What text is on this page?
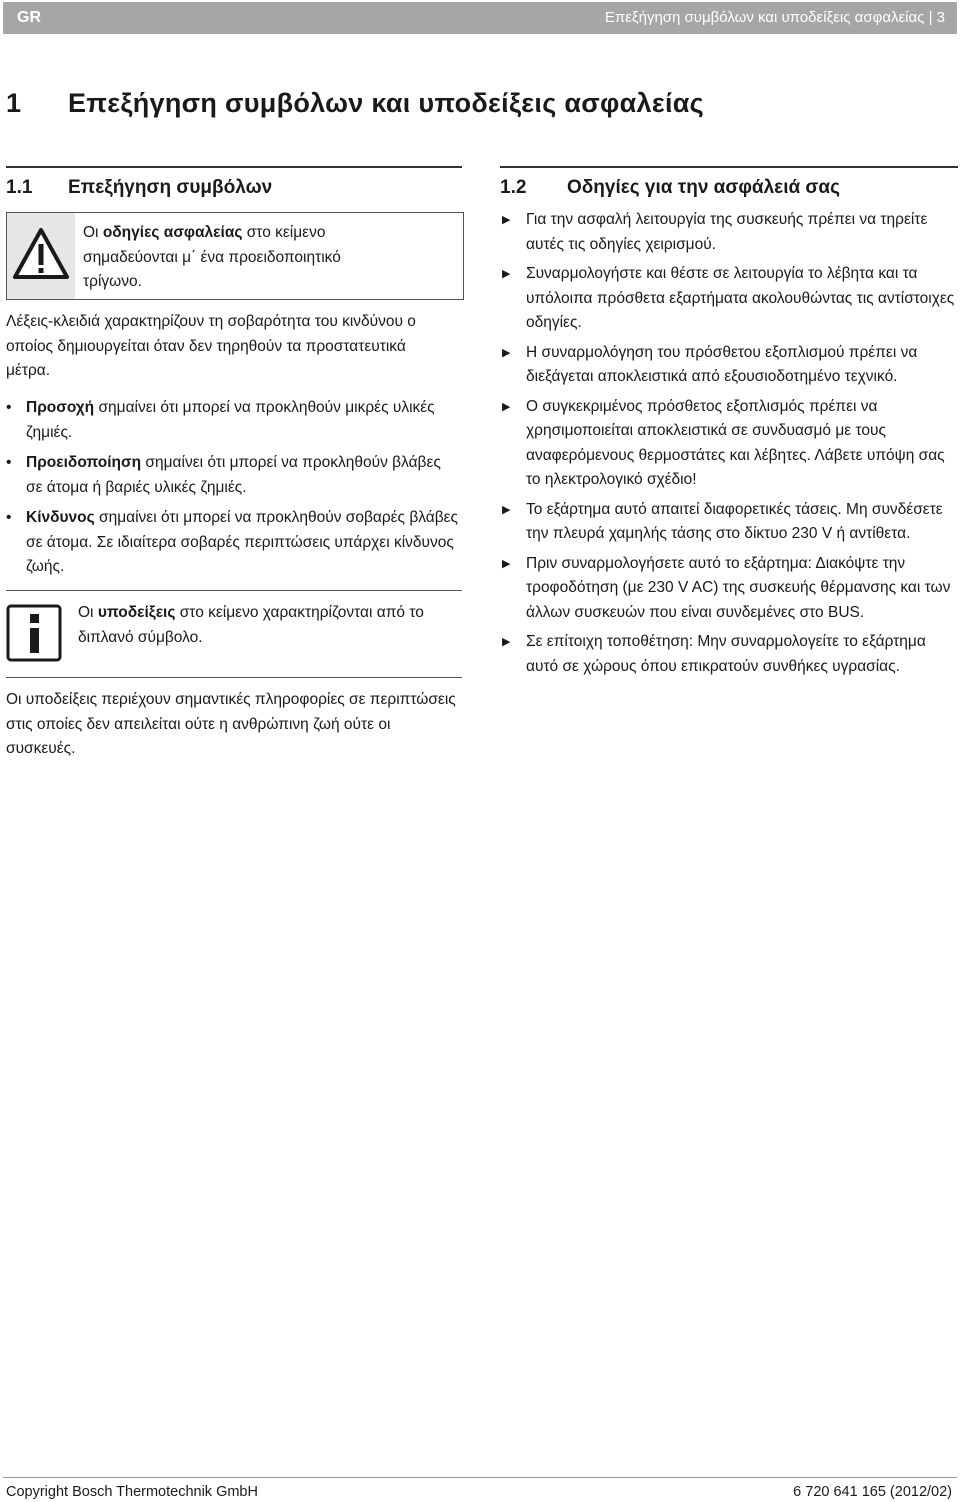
GR	Επεξήγηση συμβόλων και υποδείξεις ασφαλείας | 3
1 Επεξήγηση συμβόλων και υποδείξεις ασφαλείας
1.1 Επεξήγηση συμβόλων
Οι οδηγίες ασφαλείας στο κείμενο σημαδεύονται μ΄ ένα προειδοποιητικό τρίγωνο.
Λέξεις-κλειδιά χαρακτηρίζουν τη σοβαρότητα του κινδύνου ο οποίος δημιουργείται όταν δεν τηρηθούν τα προστατευτικά μέτρα.
• Προσοχή σημαίνει ότι μπορεί να προκληθούν μικρές υλικές ζημιές.
• Προειδοποίηση σημαίνει ότι μπορεί να προκληθούν βλάβες σε άτομα ή βαριές υλικές ζημιές.
• Κίνδυνος σημαίνει ότι μπορεί να προκληθούν σοβαρές βλάβες σε άτομα. Σε ιδιαίτερα σοβαρές περιπτώσεις υπάρχει κίνδυνος ζωής.
Οι υποδείξεις στο κείμενο χαρακτηρίζονται από το διπλανό σύμβολο.
Οι υποδείξεις περιέχουν σημαντικές πληροφορίες σε περιπτώσεις στις οποίες δεν απειλείται ούτε η ανθρώπινη ζωή ούτε οι συσκευές.
1.2 Οδηγίες για την ασφάλειά σας
▶ Για την ασφαλή λειτουργία της συσκευής πρέπει να τηρείτε αυτές τις οδηγίες χειρισμού.
▶ Συναρμολογήστε και θέστε σε λειτουργία το λέβητα και τα υπόλοιπα πρόσθετα εξαρτήματα ακολουθώντας τις αντίστοιχες οδηγίες.
▶ Η συναρμολόγηση του πρόσθετου εξοπλισμού πρέπει να διεξάγεται αποκλειστικά από εξουσιοδοτημένο τεχνικό.
▶ Ο συγκεκριμένος πρόσθετος εξοπλισμός πρέπει να χρησιμοποιείται αποκλειστικά σε συνδυασμό με τους αναφερόμενους θερμοστάτες και λέβητες. Λάβετε υπόψη σας το ηλεκτρολογικό σχέδιο!
▶ Το εξάρτημα αυτό απαιτεί διαφορετικές τάσεις. Μη συνδέσετε την πλευρά χαμηλής τάσης στο δίκτυο 230 V ή αντίθετα.
▶ Πριν συναρμολογήσετε αυτό το εξάρτημα: Διακόψτε την τροφοδότηση (με 230 V AC) της συσκευής θέρμανσης και των άλλων συσκευών που είναι συνδεμένες στο BUS.
▶ Σε επίτοιχη τοποθέτηση: Μην συναρμολογείτε το εξάρτημα αυτό σε χώρους όπου επικρατούν συνθήκες υγρασίας.
Copyright Bosch Thermotechnik GmbH	6 720 641 165 (2012/02)
